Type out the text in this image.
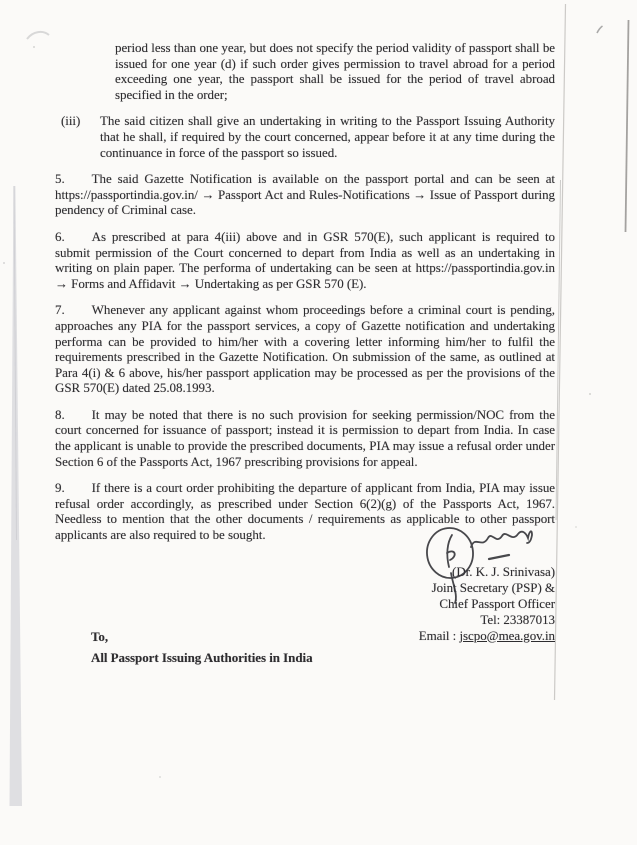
period less than one year, but does not specify the period validity of passport shall be issued for one year (d) if such order gives permission to travel abroad for a period exceeding one year, the passport shall be issued for the period of travel abroad specified in the order;

(iii)	The said citizen shall give an undertaking in writing to the Passport Issuing Authority that he shall, if required by the court concerned, appear before it at any time during the continuance in force of the passport so issued.

5. The said Gazette Notification is available on the passport portal and can be seen at https://passportindia.gov.in/ → Passport Act and Rules-Notifications → Issue of Passport during pendency of Criminal case.

6. As prescribed at para 4(iii) above and in GSR 570(E), such applicant is required to submit permission of the Court concerned to depart from India as well as an undertaking in writing on plain paper. The performa of undertaking can be seen at https://passportindia.gov.in → Forms and Affidavit → Undertaking as per GSR 570 (E).

7. Whenever any applicant against whom proceedings before a criminal court is pending, approaches any PIA for the passport services, a copy of Gazette notification and undertaking performa can be provided to him/her with a covering letter informing him/her to fulfil the requirements prescribed in the Gazette Notification. On submission of the same, as outlined at Para 4(i) & 6 above, his/her passport application may be processed as per the provisions of the GSR 570(E) dated 25.08.1993.

8. It may be noted that there is no such provision for seeking permission/NOC from the court concerned for issuance of passport; instead it is permission to depart from India. In case the applicant is unable to provide the prescribed documents, PIA may issue a refusal order under Section 6 of the Passports Act, 1967 prescribing provisions for appeal.

9. If there is a court order prohibiting the departure of applicant from India, PIA may issue refusal order accordingly, as prescribed under Section 6(2)(g) of the Passports Act, 1967. Needless to mention that the other documents / requirements as applicable to other passport applicants are also required to be sought.

(Dr. K. J. Srinivasa)
Joint Secretary (PSP) &
Chief Passport Officer
Tel: 23387013
Email : jscpo@mea.gov.in
To,
All Passport Issuing Authorities in India
